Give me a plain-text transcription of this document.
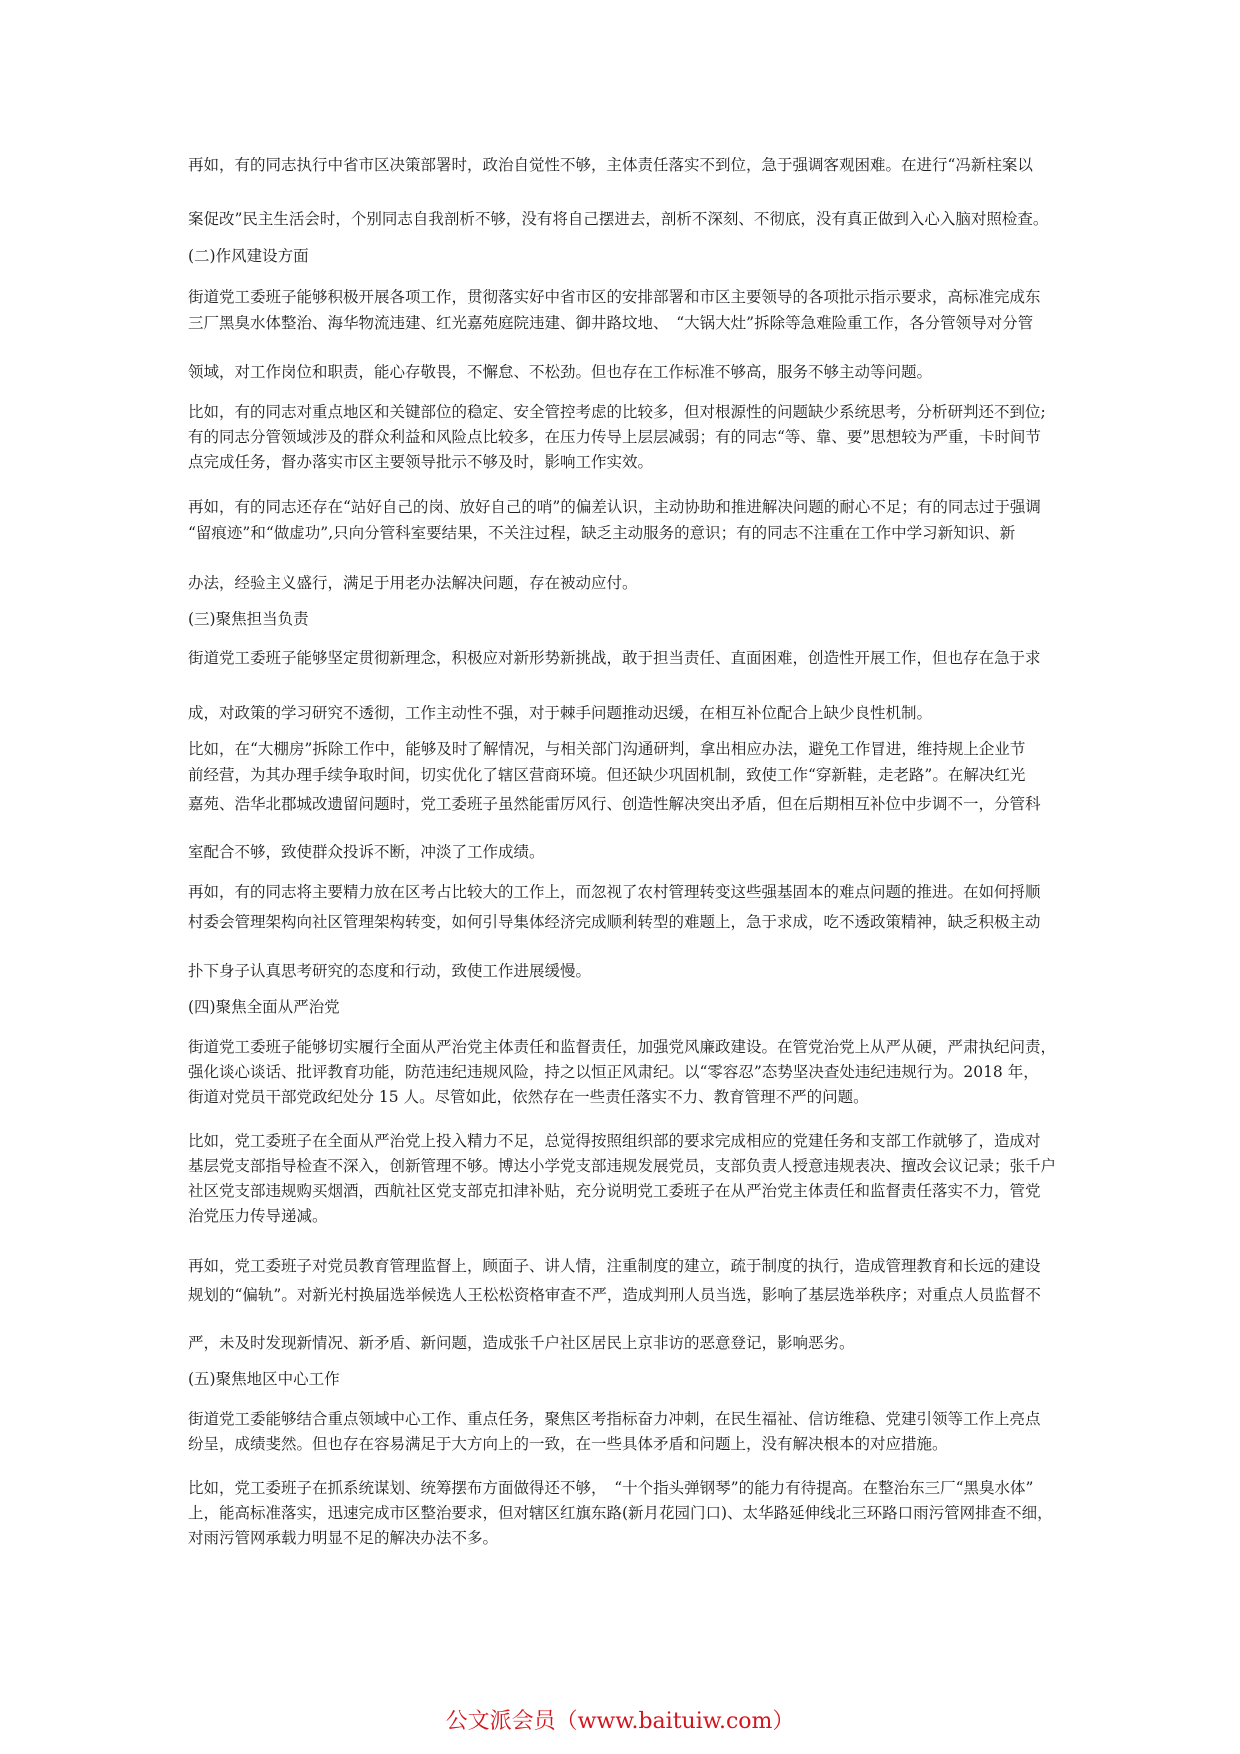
再如，有的同志执行中省市区决策部署时，政治自觉性不够，主体责任落实不到位，急于强调客观困难。在进行“冯新柱案以
案促改”民主生活会时，个别同志自我剖析不够，没有将自己摆进去，剖析不深刻、不彻底，没有真正做到入心入脑对照检查。
(二)作风建设方面
街道党工委班子能够积极开展各项工作，贯彻落实好中省市区的安排部署和市区主要领导的各项批示指示要求，高标准完成东
三厂黑臭水体整治、海华物流违建、红光嘉苑庭院违建、御井路坟地、　“大锅大灶”拆除等急难险重工作，各分管领导对分管
领域，对工作岗位和职责，能心存敬畏，不懈怠、不松劲。但也存在工作标准不够高，服务不够主动等问题。
比如，有的同志对重点地区和关键部位的稳定、安全管控考虑的比较多，但对根源性的问题缺少系统思考，分析研判还不到位;
有的同志分管领域涉及的群众利益和风险点比较多，在压力传导上层层减弱；有的同志“等、靠、要”思想较为严重，卡时间节
点完成任务，督办落实市区主要领导批示不够及时，影响工作实效。
再如，有的同志还存在“站好自己的岗、放好自己的哨”的偏差认识，主动协助和推进解决问题的耐心不足；有的同志过于强调
“留痕迹”和“做虚功”,只向分管科室要结果，不关注过程，缺乏主动服务的意识；有的同志不注重在工作中学习新知识、新
办法，经验主义盛行，满足于用老办法解决问题，存在被动应付。
(三)聚焦担当负责
街道党工委班子能够坚定贯彻新理念，积极应对新形势新挑战，敢于担当责任、直面困难，创造性开展工作，但也存在急于求
成，对政策的学习研究不透彻，工作主动性不强，对于棘手问题推动迟缓，在相互补位配合上缺少良性机制。
比如，在“大棚房”拆除工作中，能够及时了解情况，与相关部门沟通研判，拿出相应办法，避免工作冒进，维持规上企业节
前经营，为其办理手续争取时间，切实优化了辖区营商环境。但还缺少巩固机制，致使工作“穿新鞋，走老路”。在解决红光
嘉苑、浩华北郡城改遗留问题时，党工委班子虽然能雷厉风行、创造性解决突出矛盾，但在后期相互补位中步调不一，分管科
室配合不够，致使群众投诉不断，冲淡了工作成绩。
再如，有的同志将主要精力放在区考占比较大的工作上，而忽视了农村管理转变这些强基固本的难点问题的推进。在如何捋顺
村委会管理架构向社区管理架构转变，如何引导集体经济完成顺利转型的难题上，急于求成，吃不透政策精神，缺乏积极主动
扑下身子认真思考研究的态度和行动，致使工作进展缓慢。
(四)聚焦全面从严治党
街道党工委班子能够切实履行全面从严治党主体责任和监督责任，加强党风廉政建设。在管党治党上从严从硬，严肃执纪问责，
强化谈心谈话、批评教育功能，防范违纪违规风险，持之以恒正风肃纪。以“零容忍”态势坚决查处违纪违规行为。2018 年，
街道对党员干部党政纪处分 15 人。尽管如此，依然存在一些责任落实不力、教育管理不严的问题。
比如，党工委班子在全面从严治党上投入精力不足，总觉得按照组织部的要求完成相应的党建任务和支部工作就够了，造成对
基层党支部指导检查不深入，创新管理不够。博达小学党支部违规发展党员，支部负责人授意违规表决、擅改会议记录；张千户
社区党支部违规购买烟酒，西航社区党支部克扣津补贴，充分说明党工委班子在从严治党主体责任和监督责任落实不力，管党
治党压力传导递减。
再如，党工委班子对党员教育管理监督上，顾面子、讲人情，注重制度的建立，疏于制度的执行，造成管理教育和长远的建设
规划的“偏轨”。对新光村换届选举候选人王松松资格审查不严，造成判刑人员当选，影响了基层选举秩序；对重点人员监督不
严，未及时发现新情况、新矛盾、新问题，造成张千户社区居民上京非访的恶意登记，影响恶劣。
(五)聚焦地区中心工作
街道党工委能够结合重点领域中心工作、重点任务，聚焦区考指标奋力冲刺，在民生福祉、信访维稳、党建引领等工作上亮点
纷呈，成绩斐然。但也存在容易满足于大方向上的一致，在一些具体矛盾和问题上，没有解决根本的对应措施。
比如，党工委班子在抓系统谋划、统筹摆布方面做得还不够，　“十个指头弹钢琴”的能力有待提高。在整治东三厂“黑臭水体”
上，能高标准落实，迅速完成市区整治要求，但对辖区红旗东路(新月花园门口)、太华路延伸线北三环路口雨污管网排查不细，
对雨污管网承载力明显不足的解决办法不多。
公文派会员（www.baituiw.com）
